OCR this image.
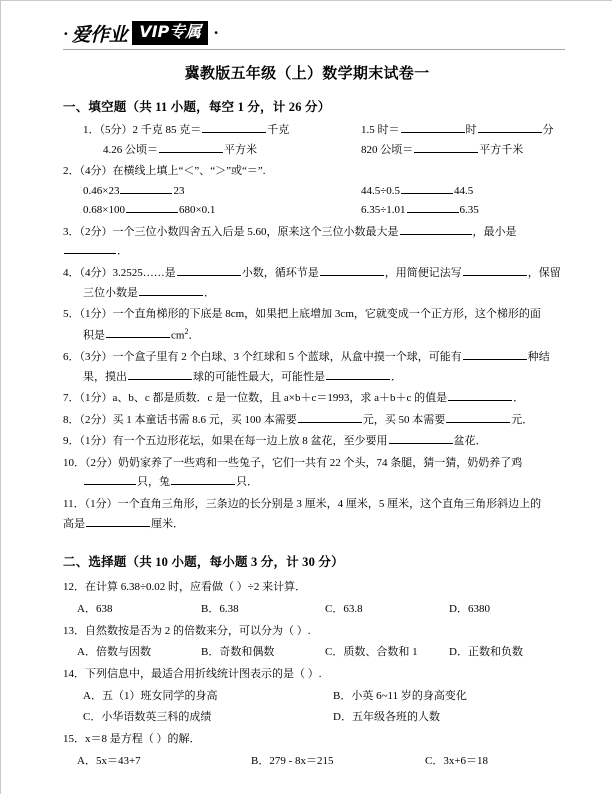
· 爱作业 VIP专属 ·
冀教版五年级（上）数学期末试卷一
一、填空题（共 11 小题，每空 1 分，计 26 分）
1．（5分）2 千克 85 克＝	千克	1.5 时＝	时	分
4.26 公顷＝	平方米	820 公顷＝	平方千米
2．（4分）在横线上填上“＜”、“＞”或“＝”.
0.46×23	23	44.5÷0.5	44.5
0.68×100	680×0.1	6.35÷1.01	6.35
3．（2分）一个三位小数四舍五入后是 5.60，原来这个三位小数最大是	，最小是．
4．（4分）3.2525……是	小数，循环节是	，用简便记法写	，保留
三位小数是	．
5．（1分）一个直角梯形的下底是 8cm，如果把上底增加 3cm，它就变成一个正方形，这个梯形的面
积是	$cm^2$．
6．（3分）一个盒子里有 2 个白球、3 个红球和 5 个蓝球，从盒中摸一个球，可能有	种结
果，摸出	球的可能性最大，可能性是	．
7．（1分）a、b、c 都是质数．c 是一位数，且 a×b＋c＝1993，求 a＋b＋c 的值是	．
8．（2分）买 1 本童话书需 8.6 元，买 100 本需要	元，买 50 本需要	元．
9．（1分）有一个五边形花坛，如果在每一边上放 8 盆花，至少要用	盆花．
10．（2分）奶奶家养了一些鸡和一些兔子，它们一共有 22 个头，74 条腿，猜一猜，奶奶养了鸡
只，兔	只．
11．（1分）一个直角三角形，三条边的长分别是 3 厘米，4 厘米，5 厘米，这个直角三角形斜边上的
高是	厘米．
二、选择题（共 10 小题，每小题 3 分，计 30 分）
12．在计算 6.38÷0.02 时，应看做（ ）÷2 来计算．
A．638	B．6.38	C．63.8	D．6380
13．自然数按是否为 2 的倍数来分，可以分为（ ）.
A．倍数与因数	B．奇数和偶数	C．质数、合数和 1	D．正数和负数
14．下列信息中，最适合用折线统计图表示的是（ ）.
A．五（1）班女同学的身高	B．小英 6~11 岁的身高变化
C．小华语数英三科的成绩	D．五年级各班的人数
15．x＝8 是方程（ ）的解．
A．5x＝43+7	B．279 - 8x＝215	C．3x+6＝18
